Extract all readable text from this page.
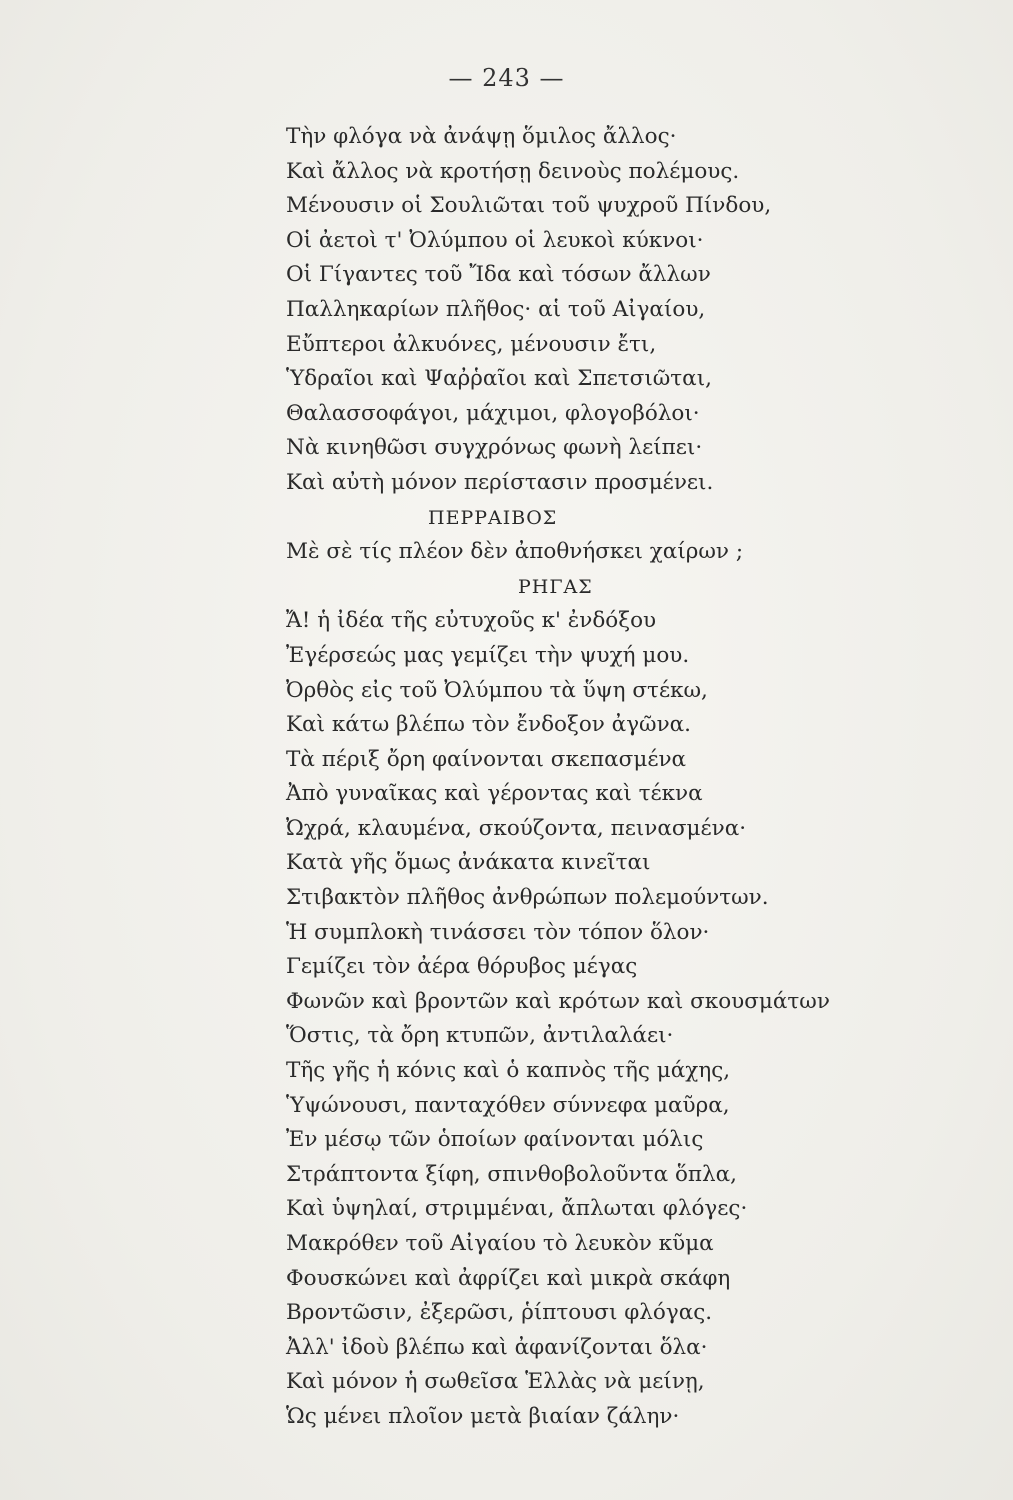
— 243 —
Τὴν φλόγα νὰ ἀνάψῃ ὅμιλος ἄλλος·
Καὶ ἄλλος νὰ κροτήσῃ δεινοὺς πολέμους.
Μένουσιν οἱ Σουλιῶται τοῦ ψυχροῦ Πίνδου,
Οἱ ἀετοὶ τ' Ὀλύμπου οἱ λευκοὶ κύκνοι·
Οἱ Γίγαντες τοῦ Ἴδα καὶ τόσων ἄλλων
Παλληκαρίων πλῆθος· αἱ τοῦ Αἰγαίου,
Εὔπτεροι ἀλκυόνες, μένουσιν ἔτι,
Ὑδραῖοι καὶ Ψαῤῥαῖοι καὶ Σπετσιῶται,
Θαλασσοφάγοι, μάχιμοι, φλογοβόλοι·
Νὰ κινηθῶσι συγχρόνως φωνὴ λείπει·
Καὶ αὐτὴ μόνον περίστασιν προσμένει.
ΠΕΡΡΑΙΒΟΣ
Μὲ σὲ τίς πλέον δὲν ἀποθνήσκει χαίρων ;
ΡΗΓΑΣ
Ἄ! ἡ ἰδέα τῆς εὐτυχοῦς κ' ἐνδόξου
Ἐγέρσεώς μας γεμίζει τὴν ψυχή μου.
Ὀρθὸς εἰς τοῦ Ὀλύμπου τὰ ὕψη στέκω,
Καὶ κάτω βλέπω τὸν ἔνδοξον ἀγῶνα.
Τὰ πέριξ ὄρη φαίνονται σκεπασμένα
Ἀπὸ γυναῖκας καὶ γέροντας καὶ τέκνα
Ὠχρά, κλαυμένα, σκούζοντα, πεινασμένα·
Κατὰ γῆς ὅμως ἀνάκατα κινεῖται
Στιβακτὸν πλῆθος ἀνθρώπων πολεμούντων.
Ἡ συμπλοκὴ τινάσσει τὸν τόπον ὅλον·
Γεμίζει τὸν ἀέρα θόρυβος μέγας
Φωνῶν καὶ βροντῶν καὶ κρότων καὶ σκουσμάτων
Ὅστις, τὰ ὄρη κτυπῶν, ἀντιλαλάει·
Τῆς γῆς ἡ κόνις καὶ ὁ καπνὸς τῆς μάχης,
Ὑψώνουσι, πανταχόθεν σύννεφα μαῦρα,
Ἐν μέσῳ τῶν ὁποίων φαίνονται μόλις
Στράπτοντα ξίφη, σπινθοβολοῦντα ὅπλα,
Καὶ ὑψηλαί, στριμμέναι, ἄπλωται φλόγες·
Μακρόθεν τοῦ Αἰγαίου τὸ λευκὸν κῦμα
Φουσκώνει καὶ ἀφρίζει καὶ μικρὰ σκάφη
Βροντῶσιν, ἐξερῶσι, ῥίπτουσι φλόγας.
Ἀλλ' ἰδοὺ βλέπω καὶ ἀφανίζονται ὅλα·
Καὶ μόνον ἡ σωθεῖσα Ἑλλὰς νὰ μείνῃ,
Ὡς μένει πλοῖον μετὰ βιαίαν ζάλην·
